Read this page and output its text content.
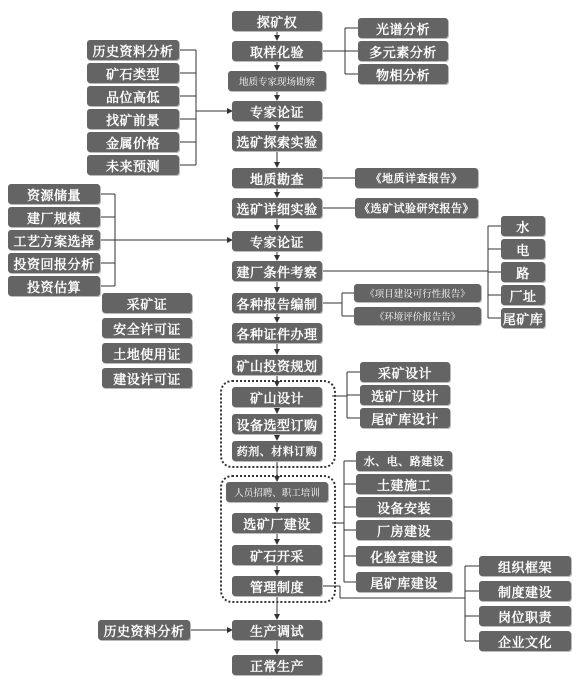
探矿权
取样化验
地质专家现场勘察
专家论证
选矿探索实验
地质勘查
选矿详细实验
专家论证
建厂条件考察
各种报告编制
各种证件办理
矿山投资规划
矿山设计
设备选型订购
药剂、材料订购
人员招聘、职工培训
选矿厂建设
矿石开采
管理制度
生产调试
正常生产
光谱分析
多元素分析
物相分析
历史资料分析
矿石类型
品位高低
找矿前景
金属价格
未来预测
《地质详查报告》
《选矿试验研究报告》
资源储量
建厂规模
工艺方案选择
投资回报分析
投资估算
水
电
路
厂址
尾矿库
《项目建设可行性报告》
《环境评价报告告》
采矿证
安全许可证
土地使用证
建设许可证	采矿设计
选矿厂设计
尾矿库设计
水、电、路建设
土建施工
设备安装
厂房建设
化验室建设
尾矿库建设
组织框架
制度建设
岗位职责
企业文化
历史资料分析
